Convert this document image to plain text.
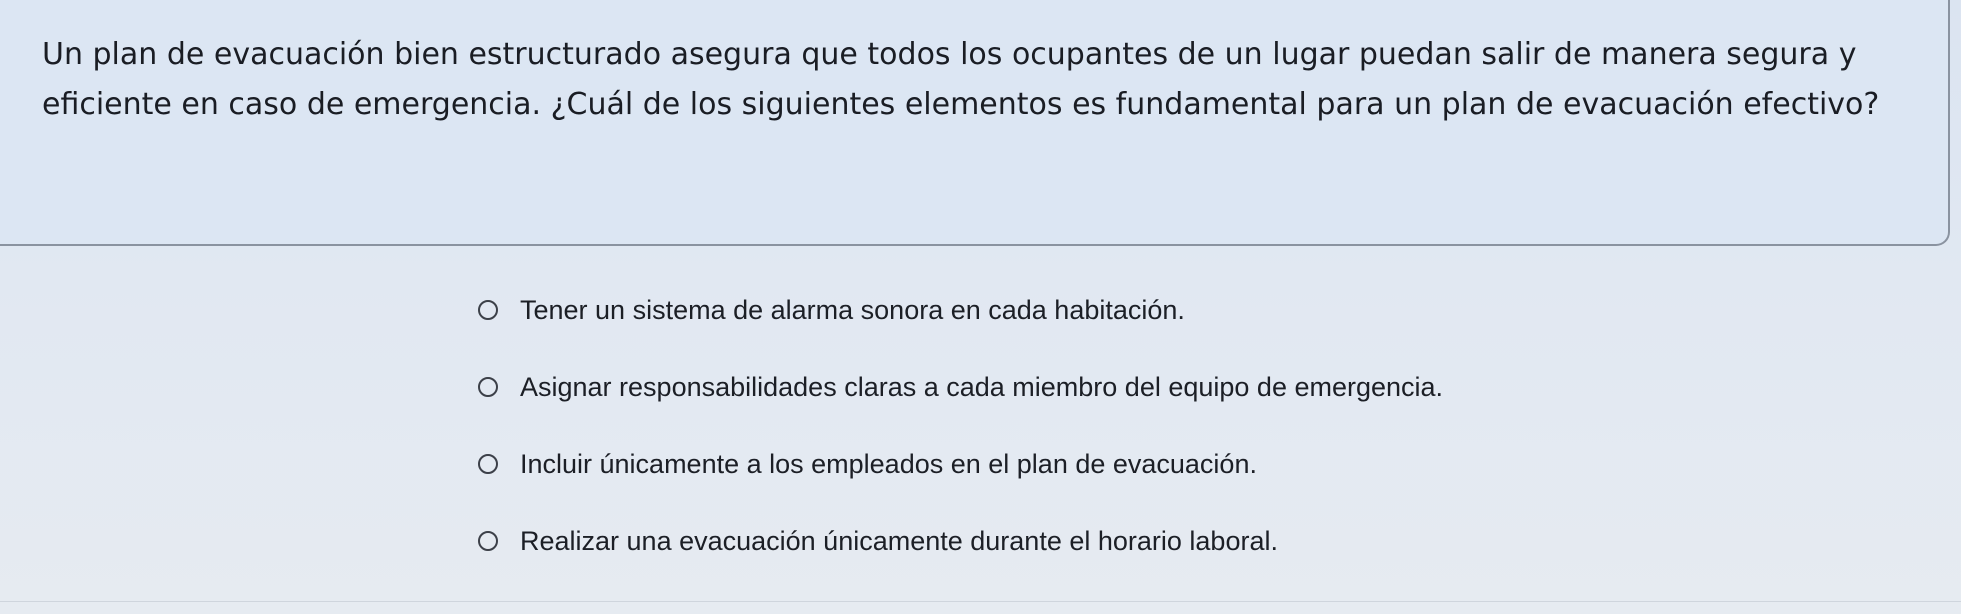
Un plan de evacuación bien estructurado asegura que todos los ocupantes de un lugar puedan salir de manera segura y eficiente en caso de emergencia. ¿Cuál de los siguientes elementos es fundamental para un plan de evacuación efectivo?

Tener un sistema de alarma sonora en cada habitación.
Asignar responsabilidades claras a cada miembro del equipo de emergencia.
Incluir únicamente a los empleados en el plan de evacuación.
Realizar una evacuación únicamente durante el horario laboral.
